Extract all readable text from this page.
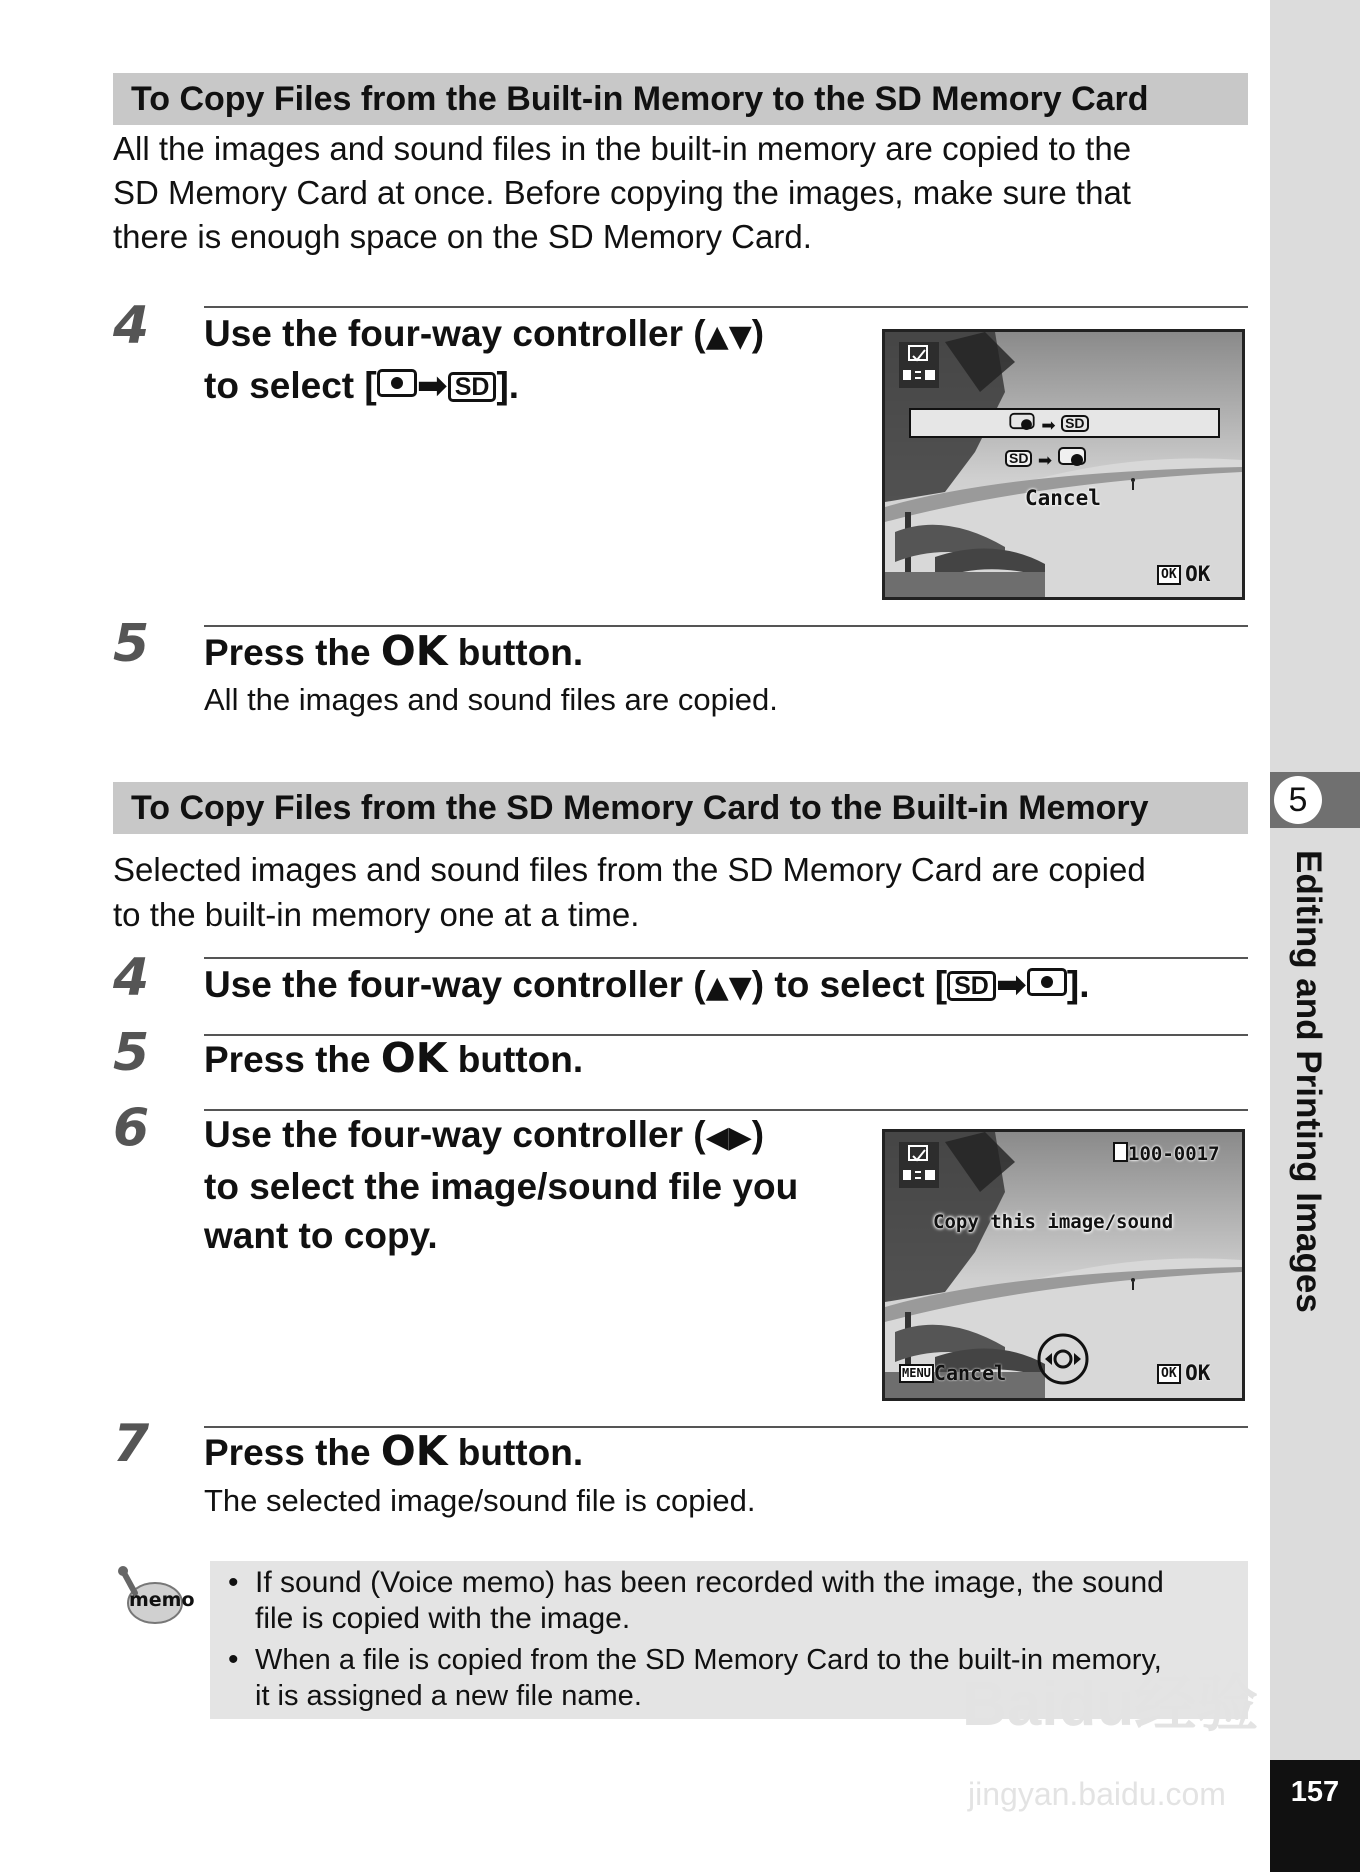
5
Editing and Printing Images
157
To Copy Files from the Built-in Memory to the SD Memory Card
All the images and sound files in the built-in memory are copied to the
SD Memory Card at once. Before copying the images, make sure that
there is enough space on the SD Memory Card.
4 Use the four-way controller (▲▼)
to select [ ➡ SD ].
➡ SD
SD ➡
Cancel
OK OK
5 Press the OK button.
All the images and sound files are copied.
To Copy Files from the SD Memory Card to the Built-in Memory
Selected images and sound files from the SD Memory Card are copied
to the built-in memory one at a time.
4 Use the four-way controller (▲▼) to select [ SD ➡ ].
5 Press the OK button.
6 Use the four-way controller (◀▶)
to select the image/sound file you
want to copy.
100-0017
Copy this image/sound
MENU Cancel	OK OK
7 Press the OK button.
The selected image/sound file is copied.
memo
• If sound (Voice memo) has been recorded with the image, the sound
file is copied with the image.
• When a file is copied from the SD Memory Card to the built-in memory,
it is assigned a new file name.	Baidu经验
jingyan.baidu.com
